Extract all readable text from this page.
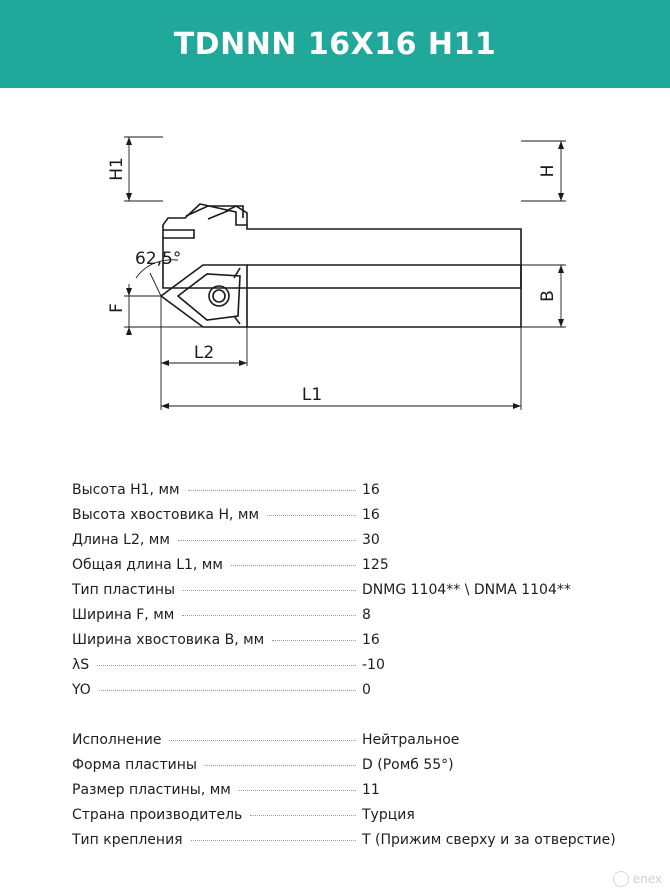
TDNNN 16X16 H11
H1	H
B
F
62,5°
L2
L1
Высота H1, мм	16
Высота хвостовика H, мм	16
Длина L2, мм	30
Общая длина L1, мм	125
Тип пластины	DNMG 1104** \ DNMA 1104**
Ширина F, мм	8
Ширина хвостовика B, мм	16
λS	-10
YO	0
Исполнение	Нейтральное
Форма пластины	D (Ромб 55°)
Размер пластины, мм	11
Страна производитель	Турция
Тип крепления	T (Прижим сверху и за отверстие)
enex
